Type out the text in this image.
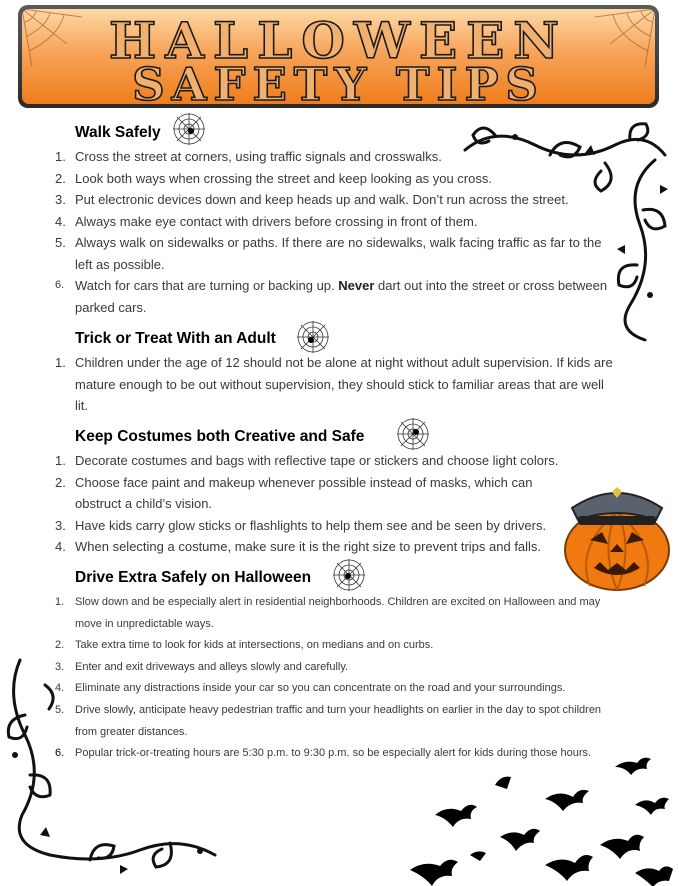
HALLOWEEN
SAFETY TIPS
Walk Safely
1. Cross the street at corners, using traffic signals and crosswalks.
2. Look both ways when crossing the street and keep looking as you cross.
3. Put electronic devices down and keep heads up and walk. Don’t run across the street.
4. Always make eye contact with drivers before crossing in front of them.
5. Always walk on sidewalks or paths. If there are no sidewalks, walk facing traffic as far to the left as possible.
6. Watch for cars that are turning or backing up. Never dart out into the street or cross between parked cars.
Trick or Treat With an Adult
1. Children under the age of 12 should not be alone at night without adult supervision. If kids are mature enough to be out without supervision, they should stick to familiar areas that are well lit.
Keep Costumes both Creative and Safe
1. Decorate costumes and bags with reflective tape or stickers and choose light colors.
2. Choose face paint and makeup whenever possible instead of masks, which can obstruct a child’s vision.
3. Have kids carry glow sticks or flashlights to help them see and be seen by drivers.
4. When selecting a costume, make sure it is the right size to prevent trips and falls.
Drive Extra Safely on Halloween
1. Slow down and be especially alert in residential neighborhoods. Children are excited on Halloween and may move in unpredictable ways.
2. Take extra time to look for kids at intersections, on medians and on curbs.
3. Enter and exit driveways and alleys slowly and carefully.
4. Eliminate any distractions inside your car so you can concentrate on the road and your surroundings.
5. Drive slowly, anticipate heavy pedestrian traffic and turn your headlights on earlier in the day to spot children from greater distances.
6. Popular trick-or-treating hours are 5:30 p.m. to 9:30 p.m. so be especially alert for kids during those hours.
